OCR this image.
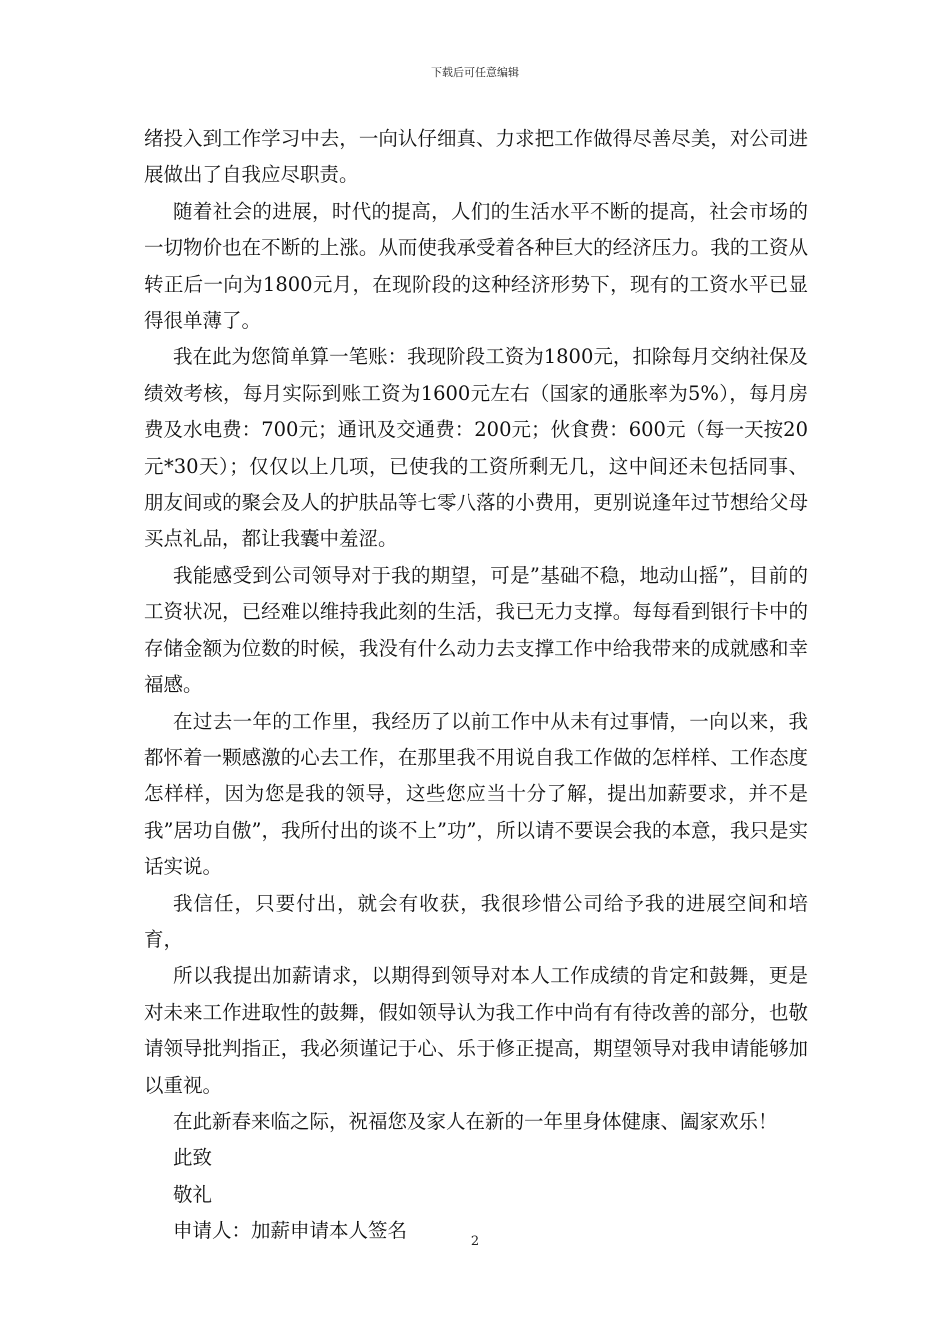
下载后可任意编辑

绪投入到工作学习中去，一向认仔细真、力求把工作做得尽善尽美，对公司进展做出了自我应尽职责。

随着社会的进展，时代的提高，人们的生活水平不断的提高，社会市场的一切物价也在不断的上涨。从而使我承受着各种巨大的经济压力。我的工资从转正后一向为1800元月，在现阶段的这种经济形势下，现有的工资水平已显得很单薄了。

我在此为您简单算一笔账：我现阶段工资为1800元，扣除每月交纳社保及绩效考核，每月实际到账工资为1600元左右（国家的通胀率为5%），每月房费及水电费：700元；通讯及交通费：200元；伙食费：600元（每一天按20元*30天）；仅仅以上几项，已使我的工资所剩无几，这中间还未包括同事、朋友间或的聚会及人的护肤品等七零八落的小费用，更别说逢年过节想给父母买点礼品，都让我囊中羞涩。

我能感受到公司领导对于我的期望，可是”基础不稳，地动山摇”，目前的工资状况，已经难以维持我此刻的生活，我已无力支撑。每每看到银行卡中的存储金额为位数的时候，我没有什么动力去支撑工作中给我带来的成就感和幸福感。

在过去一年的工作里，我经历了以前工作中从未有过事情，一向以来，我都怀着一颗感激的心去工作，在那里我不用说自我工作做的怎样样、工作态度怎样样，因为您是我的领导，这些您应当十分了解，提出加薪要求，并不是我”居功自傲”，我所付出的谈不上”功”，所以请不要误会我的本意，我只是实话实说。

我信任，只要付出，就会有收获，我很珍惜公司给予我的进展空间和培育，

所以我提出加薪请求，以期得到领导对本人工作成绩的肯定和鼓舞，更是对未来工作进取性的鼓舞，假如领导认为我工作中尚有有待改善的部分，也敬请领导批判指正，我必须谨记于心、乐于修正提高，期望领导对我申请能够加以重视。

在此新春来临之际，祝福您及家人在新的一年里身体健康、阖家欢乐！

此致

敬礼

申请人：加薪申请本人签名	2
